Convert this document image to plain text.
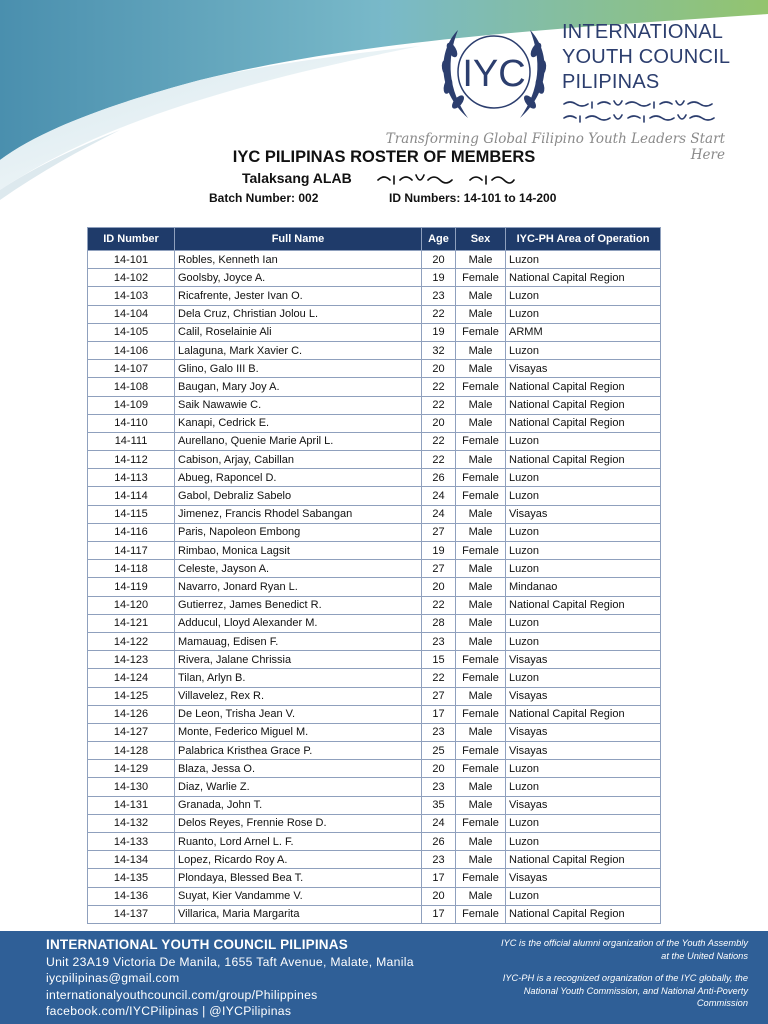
IYC
INTERNATIONAL
YOUTH COUNCIL
PILIPINAS
Transforming Global Filipino Youth Leaders Start Here
IYC PILIPINAS ROSTER OF MEMBERS
Talaksang ALAB
Batch Number: 002	ID Numbers: 14-101 to 14-200
ID Number	Full Name	Age	Sex	IYC-PH Area of Operation
14-101	Robles, Kenneth Ian	20	Male	Luzon
14-102	Goolsby, Joyce A.	19	Female	National Capital Region
14-103	Ricafrente, Jester Ivan O.	23	Male	Luzon
14-104	Dela Cruz, Christian Jolou L.	22	Male	Luzon
14-105	Calil, Roselainie Ali	19	Female	ARMM
14-106	Lalaguna, Mark Xavier C.	32	Male	Luzon
14-107	Glino, Galo III B.	20	Male	Visayas
14-108	Baugan, Mary Joy A.	22	Female	National Capital Region
14-109	Saik Nawawie C.	22	Male	National Capital Region
14-110	Kanapi, Cedrick E.	20	Male	National Capital Region
14-111	Aurellano, Quenie Marie April L.	22	Female	Luzon
14-112	Cabison, Arjay, Cabillan	22	Male	National Capital Region
14-113	Abueg, Raponcel D.	26	Female	Luzon
14-114	Gabol, Debraliz Sabelo	24	Female	Luzon
14-115	Jimenez, Francis Rhodel Sabangan	24	Male	Visayas
14-116	Paris, Napoleon Embong	27	Male	Luzon
14-117	Rimbao, Monica Lagsit	19	Female	Luzon
14-118	Celeste, Jayson A.	27	Male	Luzon
14-119	Navarro, Jonard Ryan L.	20	Male	Mindanao
14-120	Gutierrez, James Benedict R.	22	Male	National Capital Region
14-121	Adducul, Lloyd Alexander M.	28	Male	Luzon
14-122	Mamauag, Edisen F.	23	Male	Luzon
14-123	Rivera, Jalane Chrissia	15	Female	Visayas
14-124	Tilan, Arlyn B.	22	Female	Luzon
14-125	Villavelez, Rex R.	27	Male	Visayas
14-126	De Leon, Trisha Jean V.	17	Female	National Capital Region
14-127	Monte, Federico Miguel M.	23	Male	Visayas
14-128	Palabrica Kristhea Grace P.	25	Female	Visayas
14-129	Blaza, Jessa O.	20	Female	Luzon
14-130	Diaz, Warlie Z.	23	Male	Luzon
14-131	Granada, John T.	35	Male	Visayas
14-132	Delos Reyes, Frennie Rose D.	24	Female	Luzon
14-133	Ruanto, Lord Arnel L. F.	26	Male	Luzon
14-134	Lopez, Ricardo Roy A.	23	Male	National Capital Region
14-135	Plondaya, Blessed Bea T.	17	Female	Visayas
14-136	Suyat, Kier Vandamme V.	20	Male	Luzon
14-137	Villarica, Maria Margarita	17	Female	National Capital Region
INTERNATIONAL YOUTH COUNCIL PILIPINAS
Unit 23A19 Victoria De Manila, 1655 Taft Avenue, Malate, Manila
iycpilipinas@gmail.com
internationalyouthcouncil.com/group/Philippines
facebook.com/IYCPilipinas | @IYCPilipinas

IYC is the official alumni organization of the Youth Assembly at the United Nations

IYC-PH is a recognized organization of the IYC globally, the National Youth Commission, and National Anti-Poverty Commission
